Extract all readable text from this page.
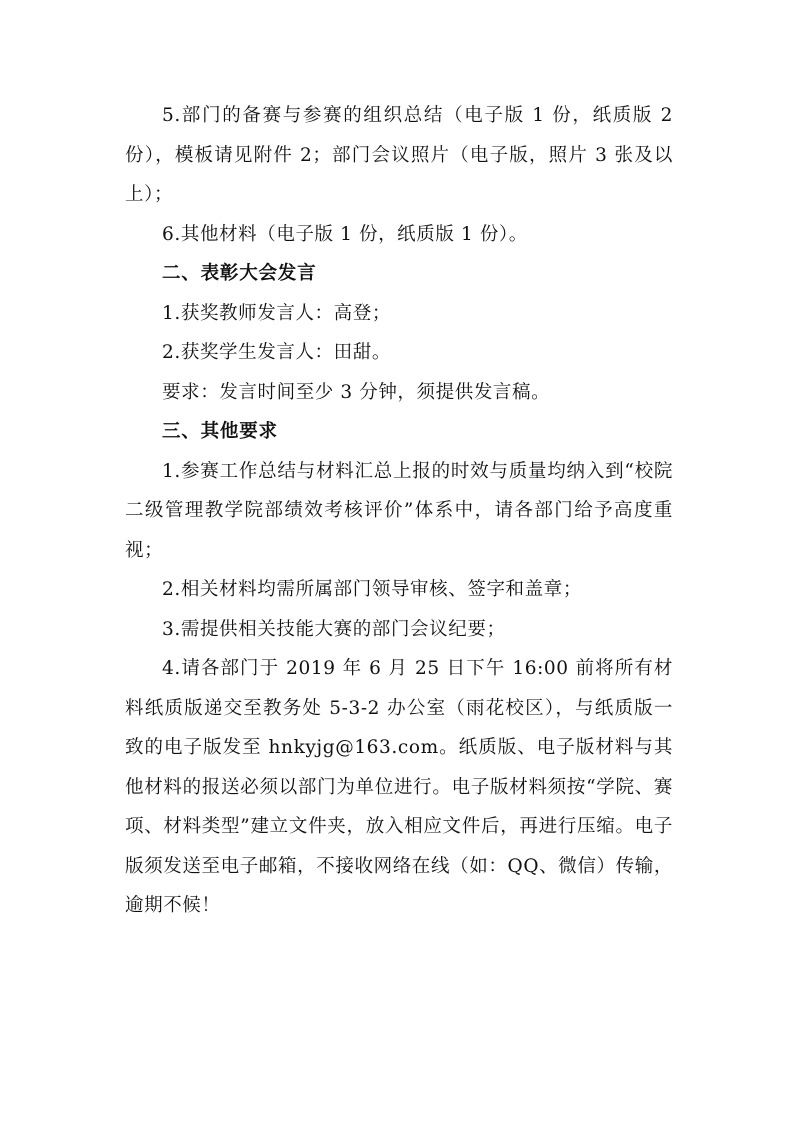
5.部门的备赛与参赛的组织总结（电子版 1 份，纸质版 2 份），模板请见附件 2；部门会议照片（电子版，照片 3 张及以上）；

6.其他材料（电子版 1 份，纸质版 1 份）。

二、表彰大会发言

1.获奖教师发言人：高登；

2.获奖学生发言人：田甜。

要求：发言时间至少 3 分钟，须提供发言稿。

三、其他要求

1.参赛工作总结与材料汇总上报的时效与质量均纳入到“校院二级管理教学院部绩效考核评价”体系中，请各部门给予高度重视；

2.相关材料均需所属部门领导审核、签字和盖章；

3.需提供相关技能大赛的部门会议纪要；

4.请各部门于 2019 年 6 月 25 日下午 16:00 前将所有材料纸质版递交至教务处 5-3-2 办公室（雨花校区），与纸质版一致的电子版发至 hnkyjg@163.com。纸质版、电子版材料与其他材料的报送必须以部门为单位进行。电子版材料须按“学院、赛项、材料类型”建立文件夹，放入相应文件后，再进行压缩。电子版须发送至电子邮箱，不接收网络在线（如：QQ、微信）传输，逾期不候！
